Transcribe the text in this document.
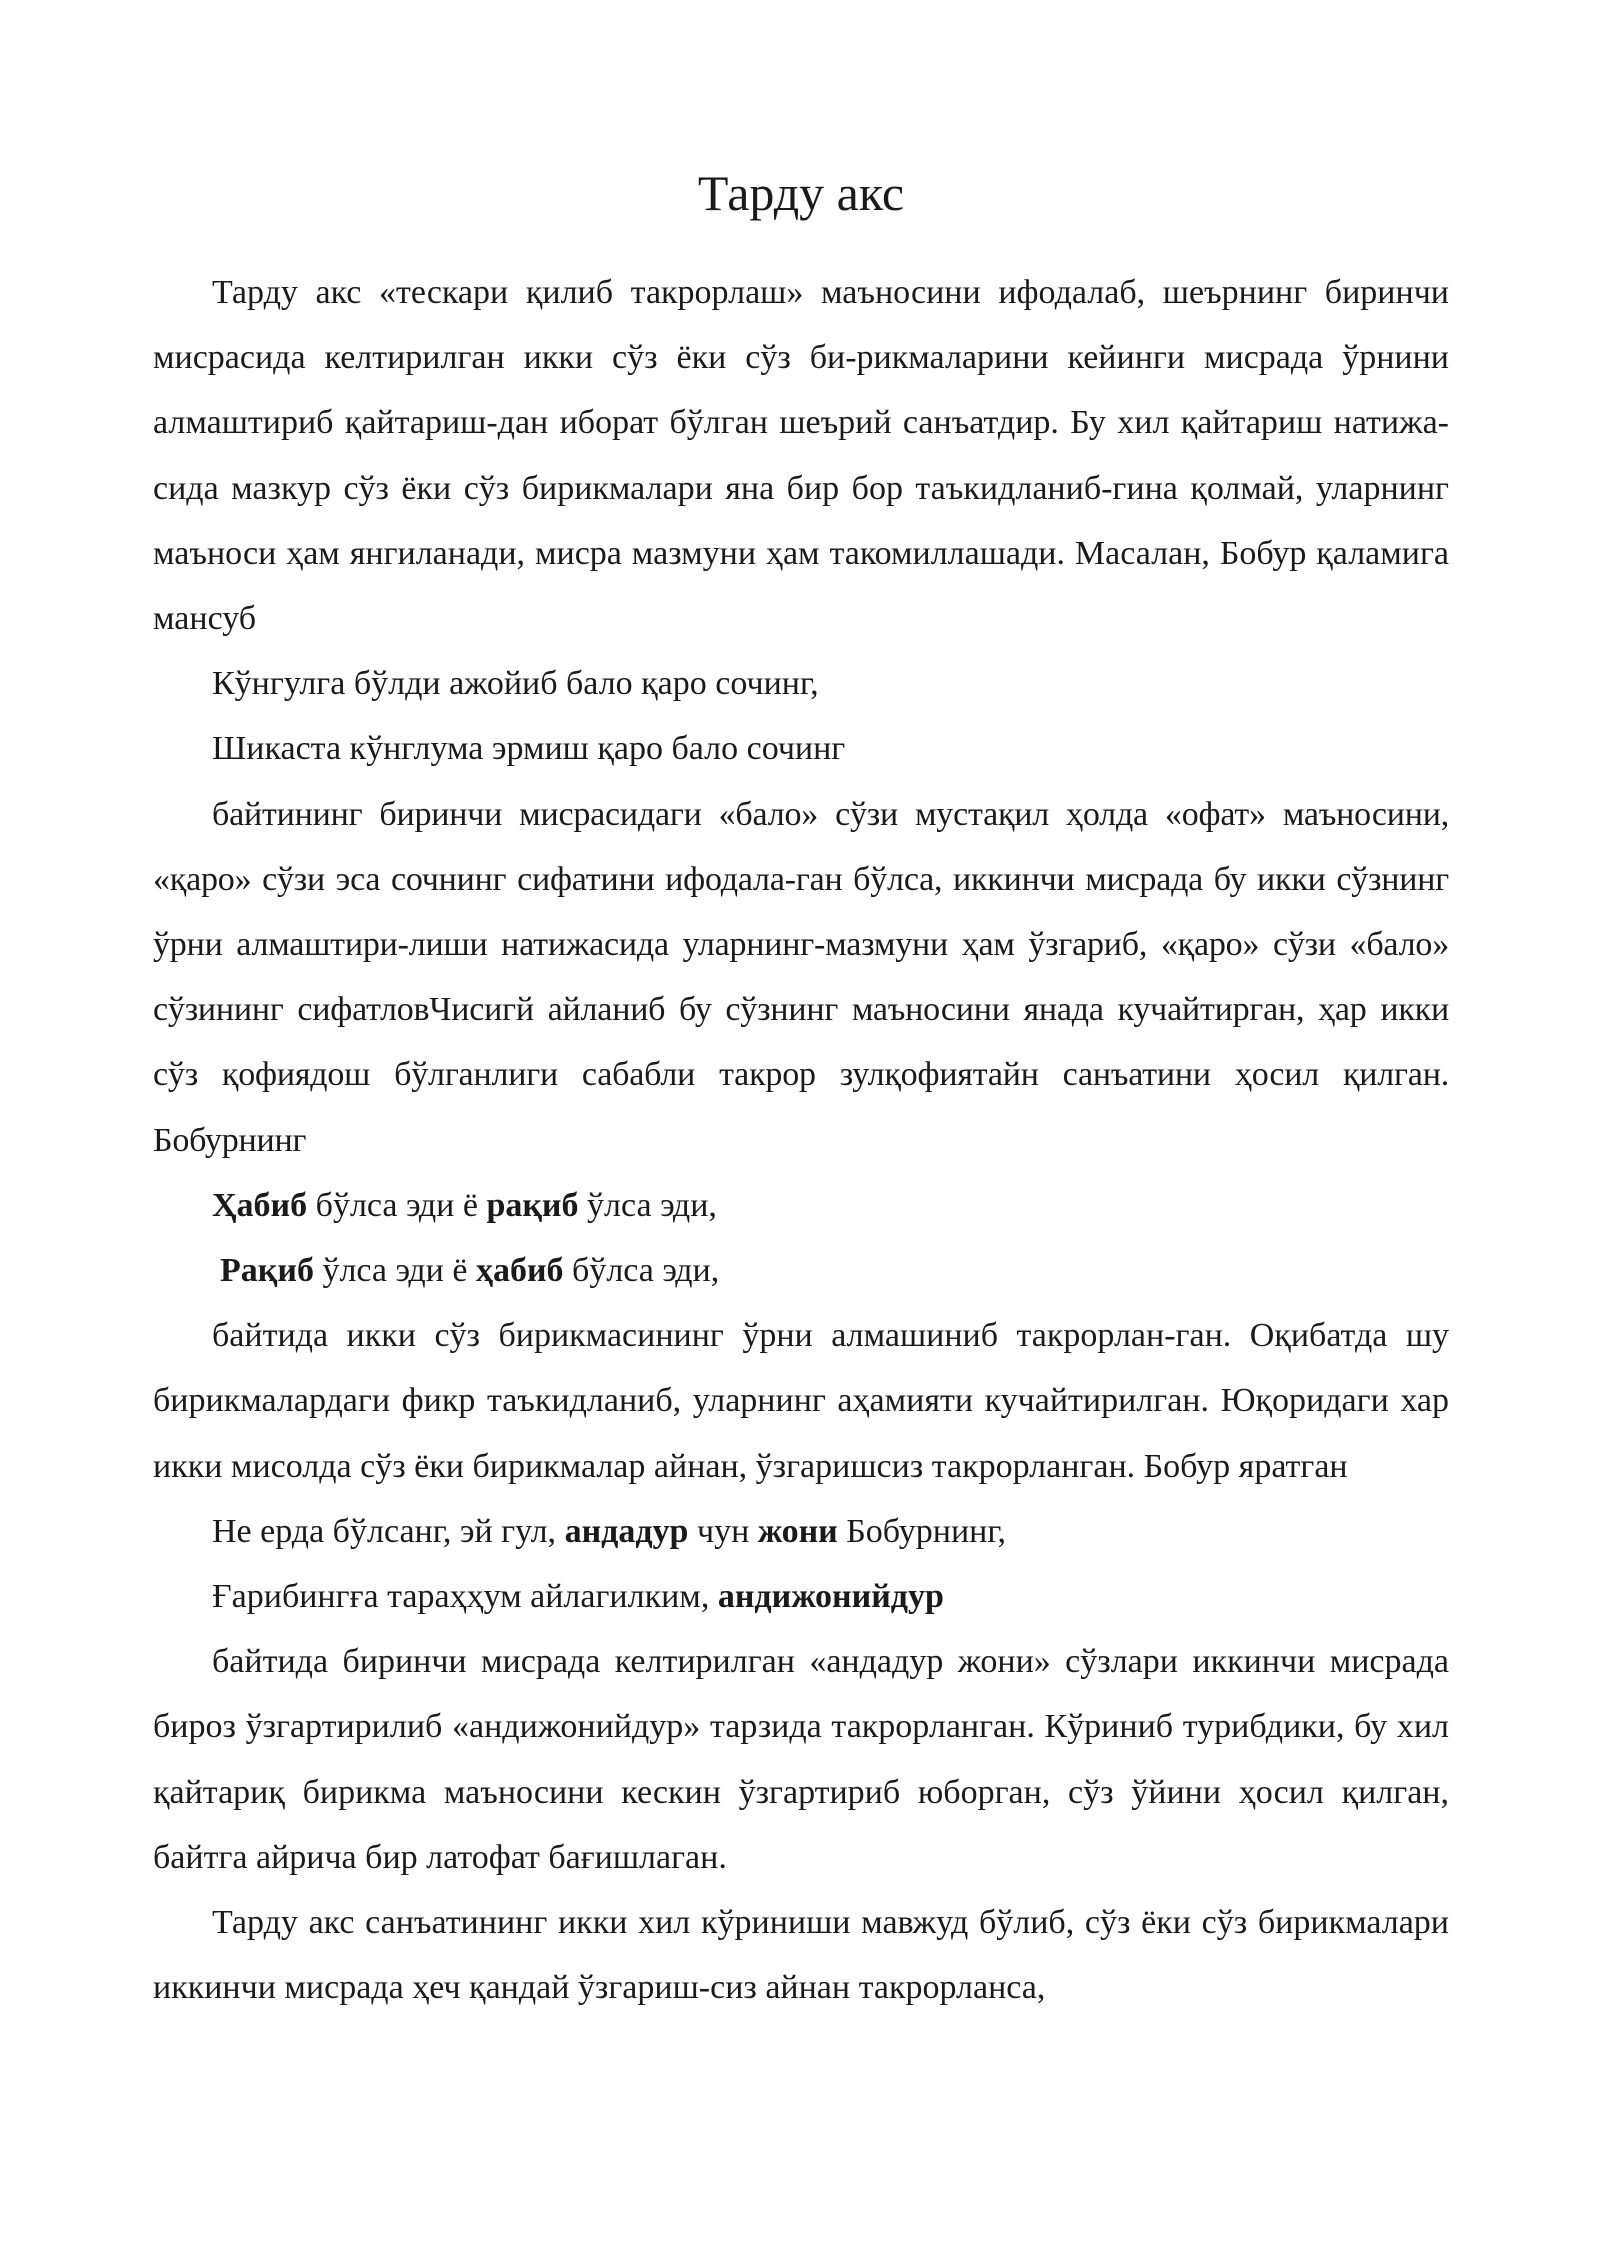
Тарду акс

Тарду акс «тескари қилиб такрорлаш» маъносини ифодалаб, шеърнинг биринчи мисрасида келтирилган икки сўз ёки сўз би-рикмаларини кейинги мисрада ўрнини алмаштириб қайтариш-дан иборат бўлган шеърий санъатдир. Бу хил қайтариш натижа-сида мазкур сўз ёки сўз бирикмалари яна бир бор таъкидланиб-гина қолмай, уларнинг маъноси ҳам янгиланади, мисра мазмуни ҳам такомиллашади. Масалан, Бобур қаламига мансуб

Кўнгулга бўлди ажойиб бало қаро сочинг,

Шикаста кўнглума эрмиш қаро бало сочинг

байтининг биринчи мисрасидаги «бало» сўзи мустақил ҳолда «офат» маъносини, «қаро» сўзи эса сочнинг сифатини ифодала-ган бўлса, иккинчи мисрада бу икки сўзнинг ўрни алмаштири-лиши натижасида уларнинг-мазмуни ҳам ўзгариб, «қаро» сўзи «бало» сўзининг сифатловЧисигй айланиб бу сўзнинг маъносини янада кучайтирган, ҳар икки сўз қофиядош бўлганлиги сабабли такрор зулқофиятайн санъатини ҳосил қилган. Бобурнинг

Ҳабиб бўлса эди ё рақиб ўлса эди,

Рақиб ўлса эди ё ҳабиб бўлса эди,

байтида икки сўз бирикмасининг ўрни алмашиниб такрорлан-ган. Оқибатда шу бирикмалардаги фикр таъкидланиб, уларнинг аҳамияти кучайтирилган. Юқоридаги хар икки мисолда сўз ёки бирикмалар айнан, ўзгаришсиз такрорланган. Бобур яратган

Не ерда бўлсанг, эй гул, андадур чун жони Бобурнинг,

Ғарибингға тараҳҳум айлагилким, андижонийдур

байтида биринчи мисрада келтирилган «андадур жони» сўзлари иккинчи мисрада бироз ўзгартирилиб «андижонийдур» тарзида такрорланган. Кўриниб турибдики, бу хил қайтариқ бирикма маъносини кескин ўзгартириб юборган, сўз ўйини ҳосил қилган, байтга айрича бир латофат бағишлаган.

Тарду акс санъатининг икки хил кўриниши мавжуд бўлиб, сўз ёки сўз бирикмалари иккинчи мисрада ҳеч қандай ўзгариш-сиз айнан такрорланса,
